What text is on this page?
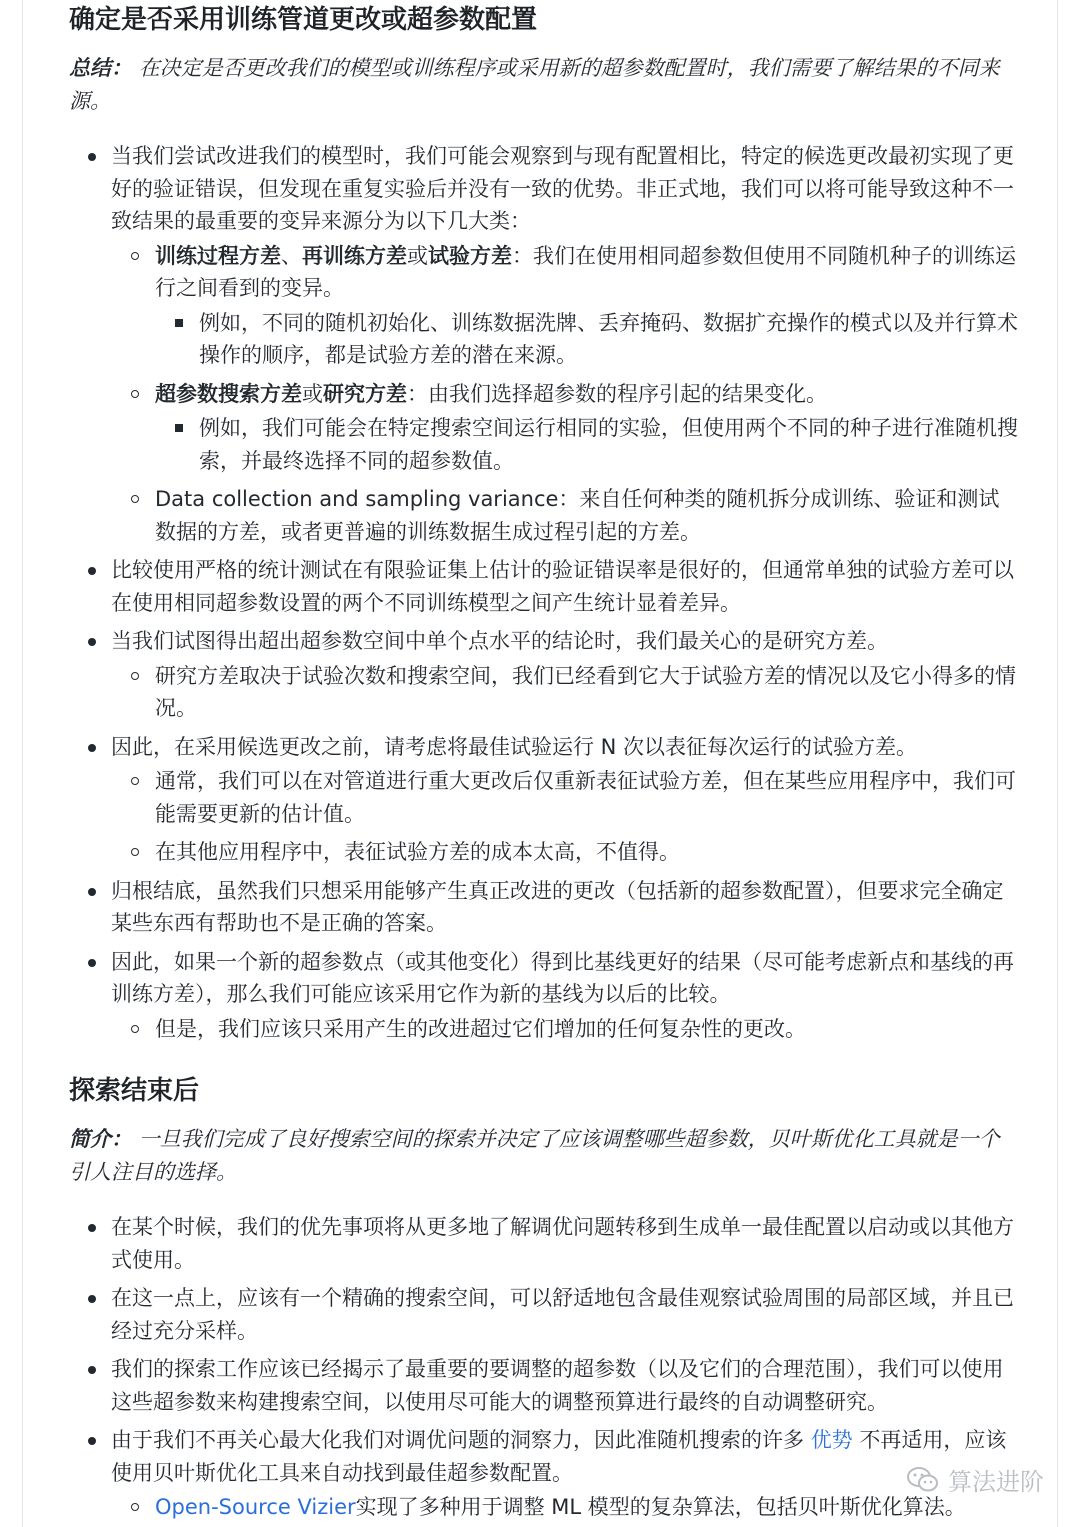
确定是否采用训练管道更改或超参数配置

总结： 在决定是否更改我们的模型或训练程序或采用新的超参数配置时，我们需要了解结果的不同来源。

当我们尝试改进我们的模型时，我们可能会观察到与现有配置相比，特定的候选更改最初实现了更好的验证错误，但发现在重复实验后并没有一致的优势。非正式地，我们可以将可能导致这种不一致结果的最重要的变异来源分为以下几大类：
训练过程方差、再训练方差或试验方差：我们在使用相同超参数但使用不同随机种子的训练运行之间看到的变异。
例如，不同的随机初始化、训练数据洗牌、丢弃掩码、数据扩充操作的模式以及并行算术操作的顺序，都是试验方差的潜在来源。
超参数搜索方差或研究方差：由我们选择超参数的程序引起的结果变化。
例如，我们可能会在特定搜索空间运行相同的实验，但使用两个不同的种子进行准随机搜索，并最终选择不同的超参数值。
Data collection and sampling variance：来自任何种类的随机拆分成训练、验证和测试数据的方差，或者更普遍的训练数据生成过程引起的方差。
比较使用严格的统计测试在有限验证集上估计的验证错误率是很好的，但通常单独的试验方差可以在使用相同超参数设置的两个不同训练模型之间产生统计显着差异。
当我们试图得出超出超参数空间中单个点水平的结论时，我们最关心的是研究方差。
研究方差取决于试验次数和搜索空间，我们已经看到它大于试验方差的情况以及它小得多的情况。
因此，在采用候选更改之前，请考虑将最佳试验运行 N 次以表征每次运行的试验方差。
通常，我们可以在对管道进行重大更改后仅重新表征试验方差，但在某些应用程序中，我们可能需要更新的估计值。
在其他应用程序中，表征试验方差的成本太高，不值得。
归根结底，虽然我们只想采用能够产生真正改进的更改（包括新的超参数配置），但要求完全确定某些东西有帮助也不是正确的答案。
因此，如果一个新的超参数点（或其他变化）得到比基线更好的结果（尽可能考虑新点和基线的再训练方差），那么我们可能应该采用它作为新的基线为以后的比较。
但是，我们应该只采用产生的改进超过它们增加的任何复杂性的更改。
探索结束后

简介： 一旦我们完成了良好搜索空间的探索并决定了应该调整哪些超参数，贝叶斯优化工具就是一个引人注目的选择。

在某个时候，我们的优先事项将从更多地了解调优问题转移到生成单一最佳配置以启动或以其他方式使用。
在这一点上，应该有一个精确的搜索空间，可以舒适地包含最佳观察试验周围的局部区域，并且已经过充分采样。
我们的探索工作应该已经揭示了最重要的要调整的超参数（以及它们的合理范围），我们可以使用这些超参数来构建搜索空间，以使用尽可能大的调整预算进行最终的自动调整研究。
由于我们不再关心最大化我们对调优问题的洞察力，因此准随机搜索的许多 优势 不再适用，应该使用贝叶斯优化工具来自动找到最佳超参数配置。
Open-Source Vizier实现了多种用于调整 ML 模型的复杂算法，包括贝叶斯优化算法。
算法进阶
